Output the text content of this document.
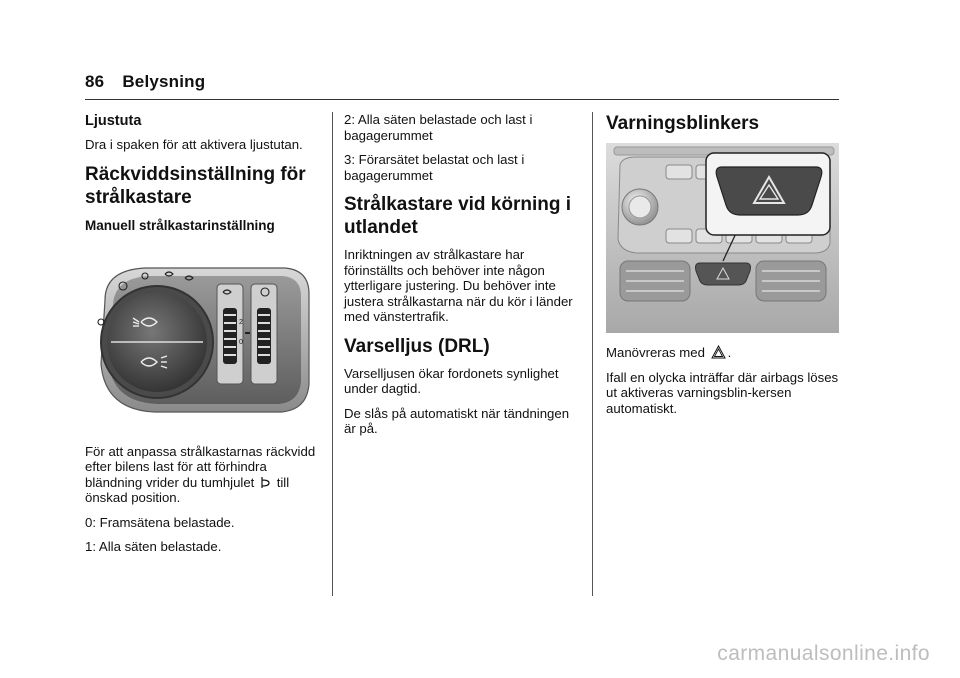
86 Belysning
Ljustuta

Dra i spaken för att aktivera ljustutan.

Räckviddsinställning för strålkastare
Manuell strålkastarinställning
2
0

För att anpassa strålkastarnas räckvidd efter bilens last för att förhindra bländning vrider du tumhjulet till önskad position.

0: Framsätena belastade.

1: Alla säten belastade.

2: Alla säten belastade och last i bagagerummet

3: Förarsätet belastat och last i bagagerummet

Strålkastare vid körning i utlandet

Inriktningen av strålkastare har förinställts och behöver inte någon ytterligare justering. Du behöver inte justera strålkastarna när du kör i länder med vänstertrafik.

Varselljus (DRL)

Varselljusen ökar fordonets synlighet under dagtid.

De slås på automatiskt när tändningen är på.

Varningsblinkers

Manövreras med .

Ifall en olycka inträffar där airbags löses ut aktiveras varningsblin-kersen automatiskt.

carmanualsonline.info
